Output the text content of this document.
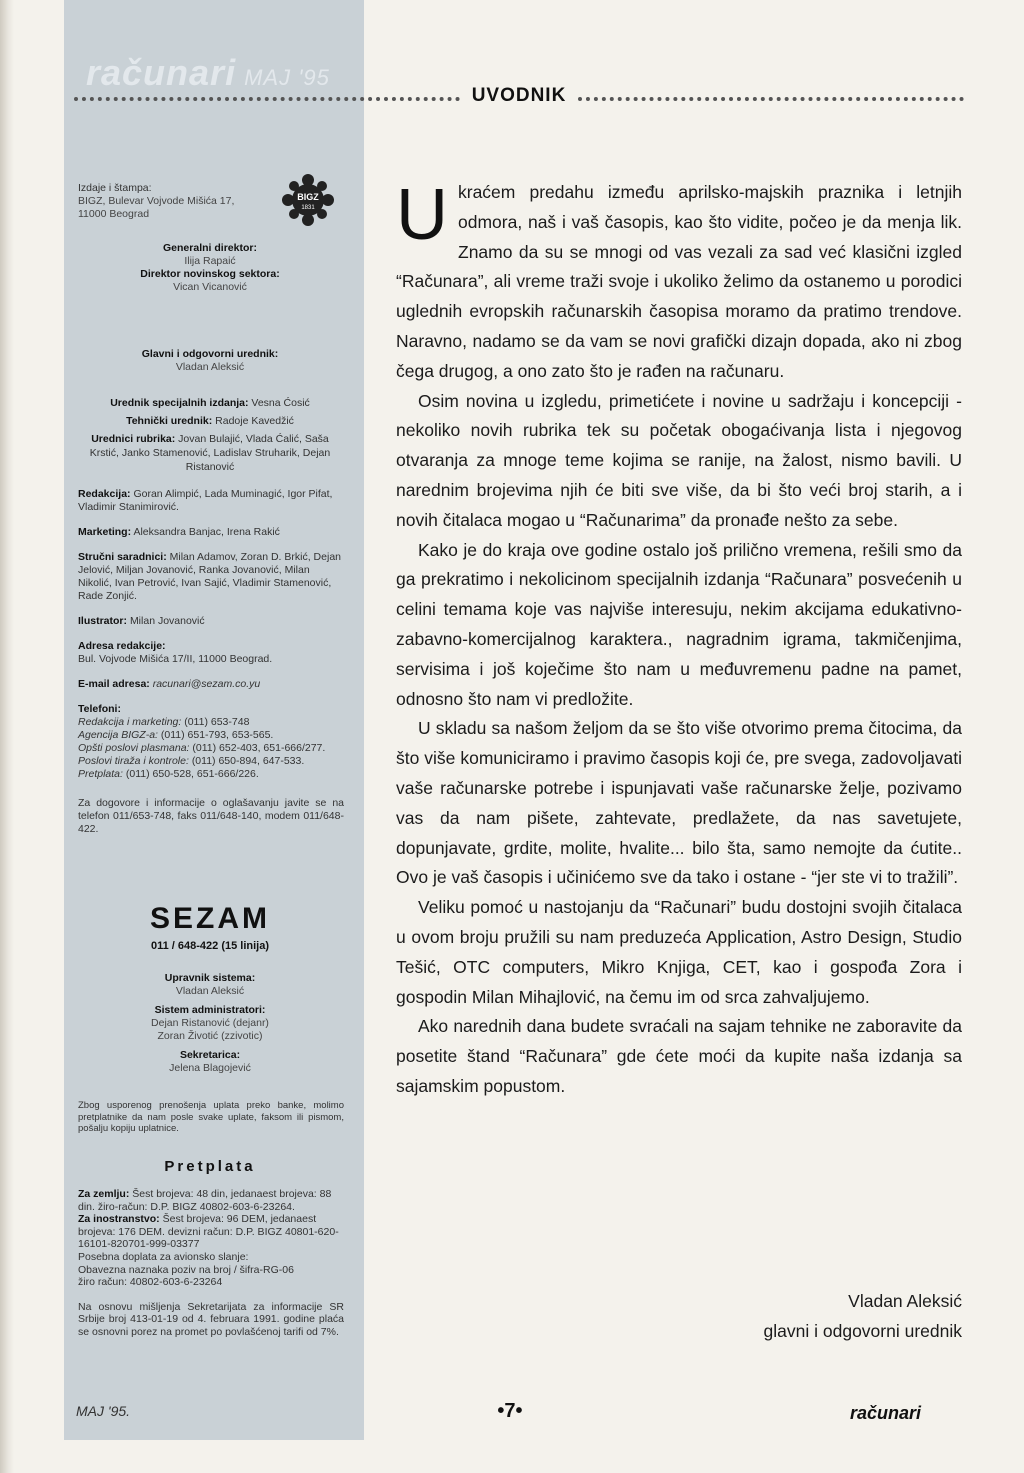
računari MAJ '95
UVODNIK
Izdaje i štampa:
BIGZ, Bulevar Vojvode Mišića 17,
11000 Beograd
BIGZ
1831
Generalni direktor:
Ilija Rapaić
Direktor novinskog sektora:
Vican Vicanović
Glavni i odgovorni urednik:
Vladan Aleksić
Urednik specijalnih izdanja: Vesna Ćosić
Tehnički urednik: Radoje Kavedžić
Urednici rubrika: Jovan Bulajić, Vlada Ćalić, Saša Krstić, Janko Stamenović, Ladislav Struharik, Dejan Ristanović
Redakcija: Goran Alimpić, Lada Muminagić, Igor Pifat, Vladimir Stanimirović.
Marketing: Aleksandra Banjac, Irena Rakić
Stručni saradnici: Milan Adamov, Zoran D. Brkić, Dejan Jelović, Miljan Jovanović, Ranka Jovanović, Milan Nikolić, Ivan Petrović, Ivan Sajić, Vladimir Stamenović, Rade Zonjić.
Ilustrator: Milan Jovanović
Adresa redakcije:
Bul. Vojvode Mišića 17/II, 11000 Beograd.
E-mail adresa: racunari@sezam.co.yu
Telefoni:
Redakcija i marketing: (011) 653-748
Agencija BIGZ-a: (011) 651-793, 653-565.
Opšti poslovi plasmana: (011) 652-403, 651-666/277.
Poslovi tiraža i kontrole: (011) 650-894, 647-533.
Pretplata: (011) 650-528, 651-666/226.
Za dogovore i informacije o oglašavanju javite se na telefon 011/653-748, faks 011/648-140, modem 011/648-422.
SEZAM
011 / 648-422 (15 linija)
Upravnik sistema:
Vladan Aleksić
Sistem administratori:
Dejan Ristanović (dejanr)
Zoran Životić (zzivotic)
Sekretarica:
Jelena Blagojević
Zbog usporenog prenošenja uplata preko banke, molimo pretplatnike da nam posle svake uplate, faksom ili pismom, pošalju kopiju uplatnice.
Pretplata
Za zemlju: Šest brojeva: 48 din, jedanaest brojeva: 88 din. žiro-račun: D.P. BIGZ 40802-603-6-23264.
Za inostranstvo: Šest brojeva: 96 DEM, jedanaest brojeva: 176 DEM. devizni račun: D.P. BIGZ 40801-620-16101-820701-999-03377
Posebna doplata za avionsko slanje:
Obavezna naznaka poziv na broj / šifra-RG-06
žiro račun: 40802-603-6-23264
Na osnovu mišljenja Sekretarijata za informacije SR Srbije broj 413-01-19 od 4. februara 1991. godine plaća se osnovni porez na promet po povlašćenoj tarifi od 7%.

Ukraćem predahu između aprilsko-majskih praznika i letnjih odmora, naš i vaš časopis, kao što vidite, počeo je da menja lik. Znamo da su se mnogi od vas vezali za sad već klasični izgled “Računara”, ali vreme traži svoje i ukoliko želimo da ostanemo u porodici uglednih evropskih računarskih časopisa moramo da pratimo trendove. Naravno, nadamo se da vam se novi grafički dizajn dopada, ako ni zbog čega drugog, a ono zato što je rađen na računaru.

Osim novina u izgledu, primetićete i novine u sadržaju i koncepciji - nekoliko novih rubrika tek su početak obogaćivanja lista i njegovog otvaranja za mnoge teme kojima se ranije, na žalost, nismo bavili. U narednim brojevima njih će biti sve više, da bi što veći broj starih, a i novih čitalaca mogao u “Računarima” da pronađe nešto za sebe.

Kako je do kraja ove godine ostalo još prilično vremena, rešili smo da ga prekratimo i nekolicinom specijalnih izdanja “Računara” posvećenih u celini temama koje vas najviše interesuju, nekim akcijama edukativno-zabavno-komercijalnog karaktera., nagradnim igrama, takmičenjima, servisima i još koječime što nam u međuvremenu padne na pamet, odnosno što nam vi predložite.

U skladu sa našom željom da se što više otvorimo prema čitocima, da što više komuniciramo i pravimo časopis koji će, pre svega, zadovoljavati vaše računarske potrebe i ispunjavati vaše računarske želje, pozivamo vas da nam pišete, zahtevate, predlažete, da nas savetujete, dopunjavate, grdite, molite, hvalite... bilo šta, samo nemojte da ćutite.. Ovo je vaš časopis i učinićemo sve da tako i ostane - “jer ste vi to tražili”.

Veliku pomoć u nastojanju da “Računari” budu dostojni svojih čitalaca u ovom broju pružili su nam preduzeća Application, Astro Design, Studio Tešić, OTC computers, Mikro Knjiga, CET, kao i gospođa Zora i gospodin Milan Mihajlović, na čemu im od srca zahvaljujemo.

Ako narednih dana budete svraćali na sajam tehnike ne zaboravite da posetite štand “Računara” gde ćete moći da kupite naša izdanja sa sajamskim popustom.

Vladan Aleksić
glavni i odgovorni urednik
MAJ '95.	•7•	računari
